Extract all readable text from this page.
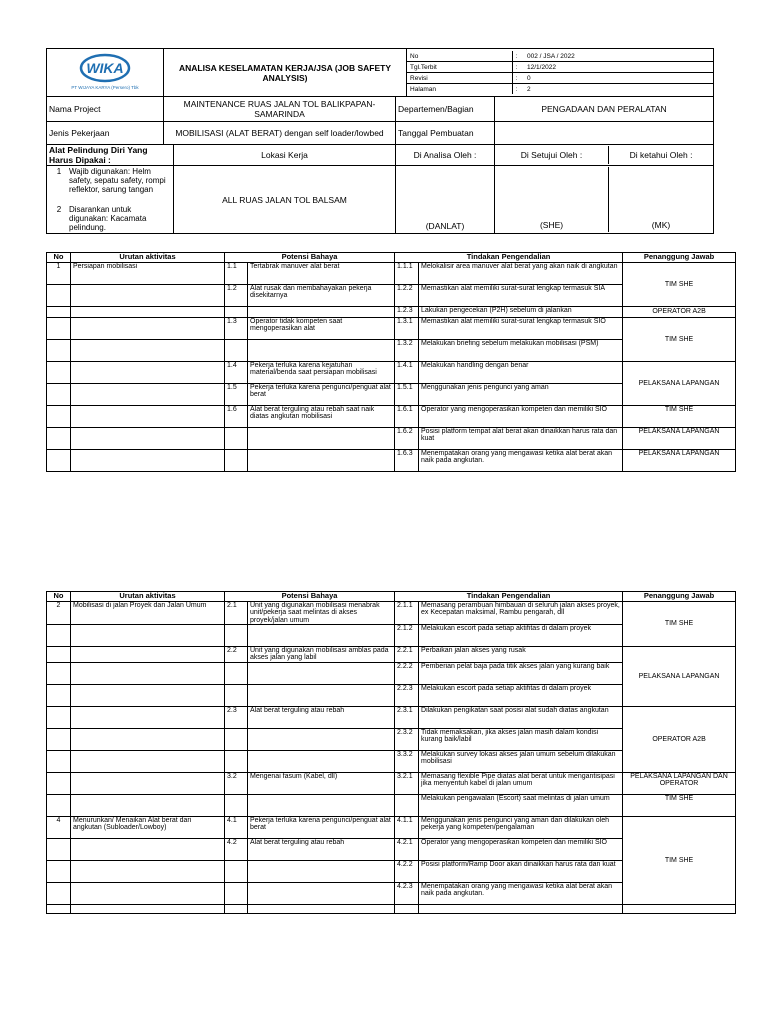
WIKA
PT WIJAYA KARYA (Persero) Tbk
	ANALISA KESELAMATAN KERJA/JSA (JOB SAFETY ANALYSIS)	
No	:	002 / JSA / 2022
Tgl.Terbit	:	12/1/2022
Revisi	:	0
Halaman	:	2

Nama Project	MAINTENANCE RUAS JALAN TOL BALIKPAPAN-SAMARINDA	Departemen/Bagian	PENGADAAN DAN PERALATAN
Jenis Pekerjaan	MOBILISASI (ALAT BERAT) dengan self loader/lowbed	Tanggal Pembuatan	
Alat Pelindung Diri Yang Harus Dipakai :	Lokasi Kerja	Di Analisa Oleh :		Di Setujui Oleh :	Di ketahui Oleh :

1 Wajib digunakan: Helm safety, sepatu safety, rompi reflektor, sarung tangan
2 Disarankan untuk digunakan: Kacamata pelindung.
	ALL RUAS JALAN TOL BALSAM	(DANLAT)		(SHE)	(MK)
No	Urutan aktivitas	Potensi Bahaya		Tindakan Pengendalian		Penanggung Jawab
1	Persiapan mobilisasi	1.1	Tertabrak manuver alat berat	1.1.1	Melokalisir area manuver alat berat yang akan naik di angkutan	TIM SHE
		1.2	Alat rusak dan membahayakan pekerja disekitarnya	1.2.2	Memastikan alat memiliki surat-surat lengkap termasuk SIA	
				1.2.3	Lakukan pengecekan (P2H) sebelum di jalankan	OPERATOR A2B
		1.3	Operator tidak kompeten saat mengoperasikan alat	1.3.1	Memastikan alat memiliki surat-surat lengkap termasuk SIO	TIM SHE
				1.3.2	Melakukan briefing sebelum melakukan mobilisasi (PSM)	
		1.4	Pekerja terluka karena kejatuhan material/benda saat persiapan mobilisasi	1.4.1	Melakukan handling dengan benar	PELAKSANA LAPANGAN
		1.5	Pekerja terluka karena pengunci/penguat alat berat	1.5.1	Menggunakan jenis pengunci yang aman	
		1.6	Alat berat terguling atau rebah saat naik diatas angkutan mobilisasi	1.6.1	Operator yang mengoperasikan kompeten dan memiliki SIO	TIM SHE
				1.6.2	Posisi platform tempat alat berat akan dinaikkan harus rata dan kuat	PELAKSANA LAPANGAN
				1.6.3	Menempatakan orang yang mengawasi ketika alat berat akan naik pada angkutan.	PELAKSANA LAPANGAN
No	Urutan aktivitas	Potensi Bahaya		Tindakan Pengendalian		Penanggung Jawab
2	Mobilisasi di jalan Proyek dan Jalan Umum	2.1	Unit yang digunakan mobilisasi menabrak unit/pekerja saat melintas di akses proyek/jalan umum	2.1.1	Memasang perambuan himbauan di seluruh jalan akses proyek, ex Kecepatan maksimal, Rambu pengarah, dll	TIM SHE
				2.1.2	Melakukan escort pada setiap aktifitas di dalam proyek	
		2.2	Unit yang digunakan mobilisasi amblas pada akses jalan yang labil	2.2.1	Perbaikan jalan akses yang rusak	PELAKSANA LAPANGAN
				2.2.2	Pemberian pelat baja pada titik akses jalan yang kurang baik	
				2.2.3	Melakukan escort pada setiap aktifitas di dalam proyek	
		2.3	Alat berat terguling atau rebah	2.3.1	Dilakukan pengikatan saat posisi alat sudah diatas angkutan	OPERATOR A2B
				2.3.2	Tidak memaksakan, jika akses jalan masih dalam kondisi kurang baik/labil	
				3.3.2	Melakukan survey lokasi akses jalan umum sebelum dilakukan mobilisasi	
		3.2	Mengenai fasum (Kabel, dll)	3.2.1	Memasang flexible Pipe diatas alat berat untuk mengantisipasi jika menyentuh kabel di jalan umum	PELAKSANA LAPANGAN DAN OPERATOR
					Melakukan pengawalan (Escort) saat melintas di jalan umum	TIM SHE
4	Menurunkan/ Menaikan Alat berat dari angkutan (Subloader/Lowboy)	4.1	Pekerja terluka karena pengunci/penguat alat berat	4.1.1	Menggunakan jenis pengunci yang aman dan dilakukan oleh pekerja yang kompeten/pengalaman	TIM SHE
		4.2	Alat berat terguling atau rebah	4.2.1	Operator yang mengoperasikan kompeten dan memiliki SIO	
				4.2.2	Posisi platform/Ramp Door akan dinaikkan harus rata dan kuat	
				4.2.3	Menempatakan orang yang mengawasi ketika alat berat akan naik pada angkutan.	
